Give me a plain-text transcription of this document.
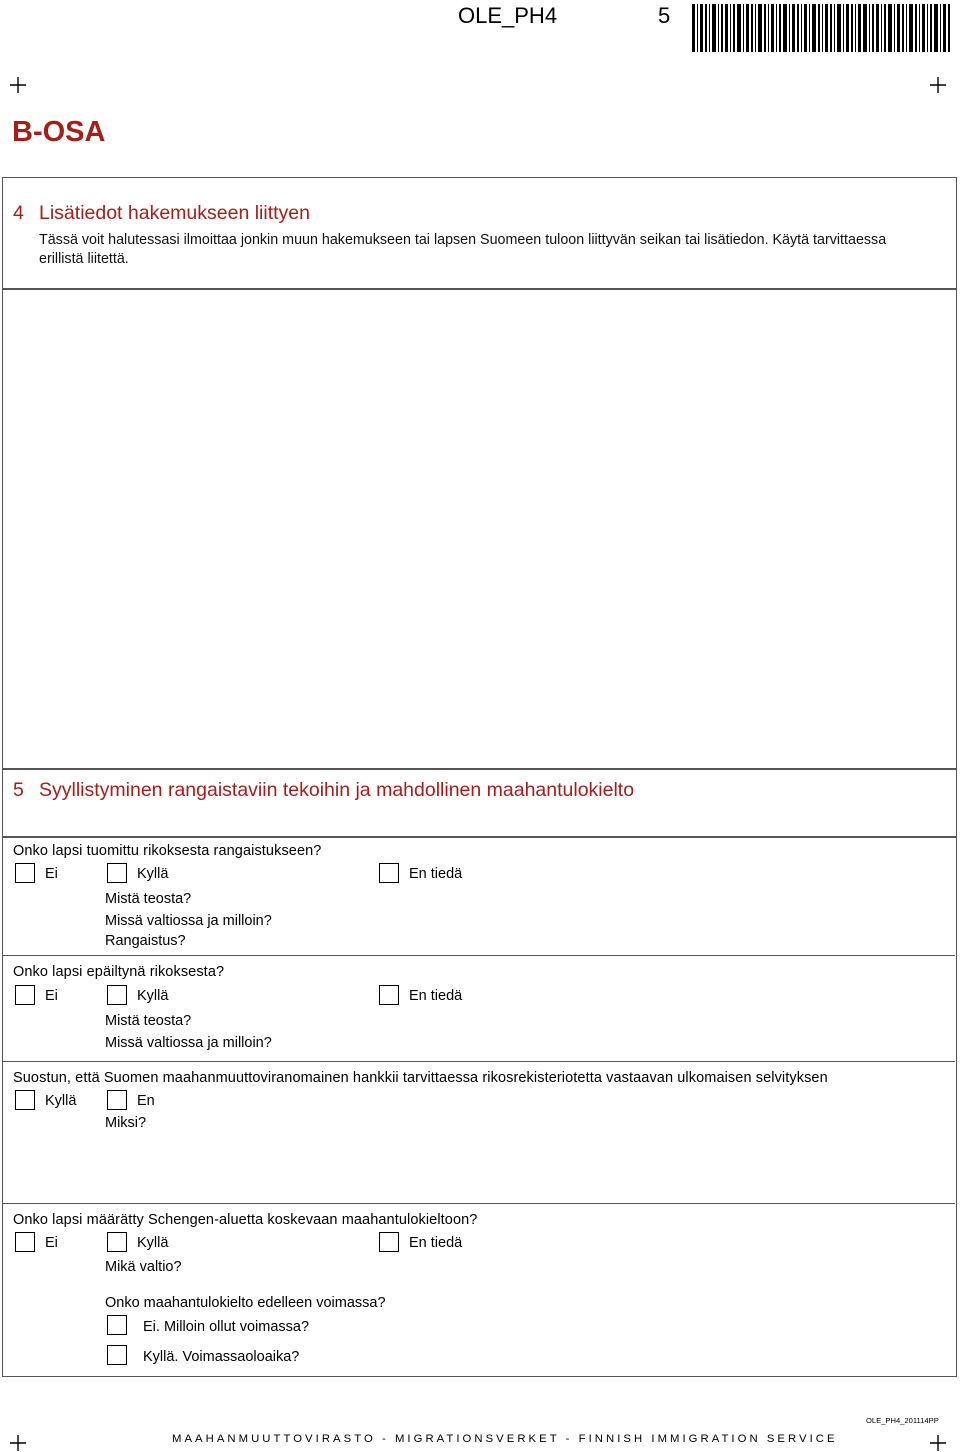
OLE_PH4	5
B-OSA
4 Lisätiedot hakemukseen liittyen
Tässä voit halutessasi ilmoittaa jonkin muun hakemukseen tai lapsen Suomeen tuloon liittyvän seikan tai lisätiedon. Käytä tarvittaessa
erillistä liitettä.
5 Syyllistyminen rangaistaviin tekoihin ja mahdollinen maahantulokielto
Onko lapsi tuomittu rikoksesta rangaistukseen?
Ei	Kyllä	En tiedä
Mistä teosta?
Missä valtiossa ja milloin?
Rangaistus?
Onko lapsi epäiltynä rikoksesta?
Ei	Kyllä	En tiedä
Mistä teosta?
Missä valtiossa ja milloin?
Suostun, että Suomen maahanmuuttoviranomainen hankkii tarvittaessa rikosrekisteriotetta vastaavan ulkomaisen selvityksen
Kyllä	En
Miksi?
Onko lapsi määrätty Schengen-aluetta koskevaan maahantulokieltoon?
Ei	Kyllä	En tiedä
Mikä valtio?
Onko maahantulokielto edelleen voimassa?
Ei. Milloin ollut voimassa?
Kyllä. Voimassaoloaika?
OLE_PH4_201114PP
MAAHANMUUTTOVIRASTO - MIGRATIONSVERKET - FINNISH IMMIGRATION SERVICE
